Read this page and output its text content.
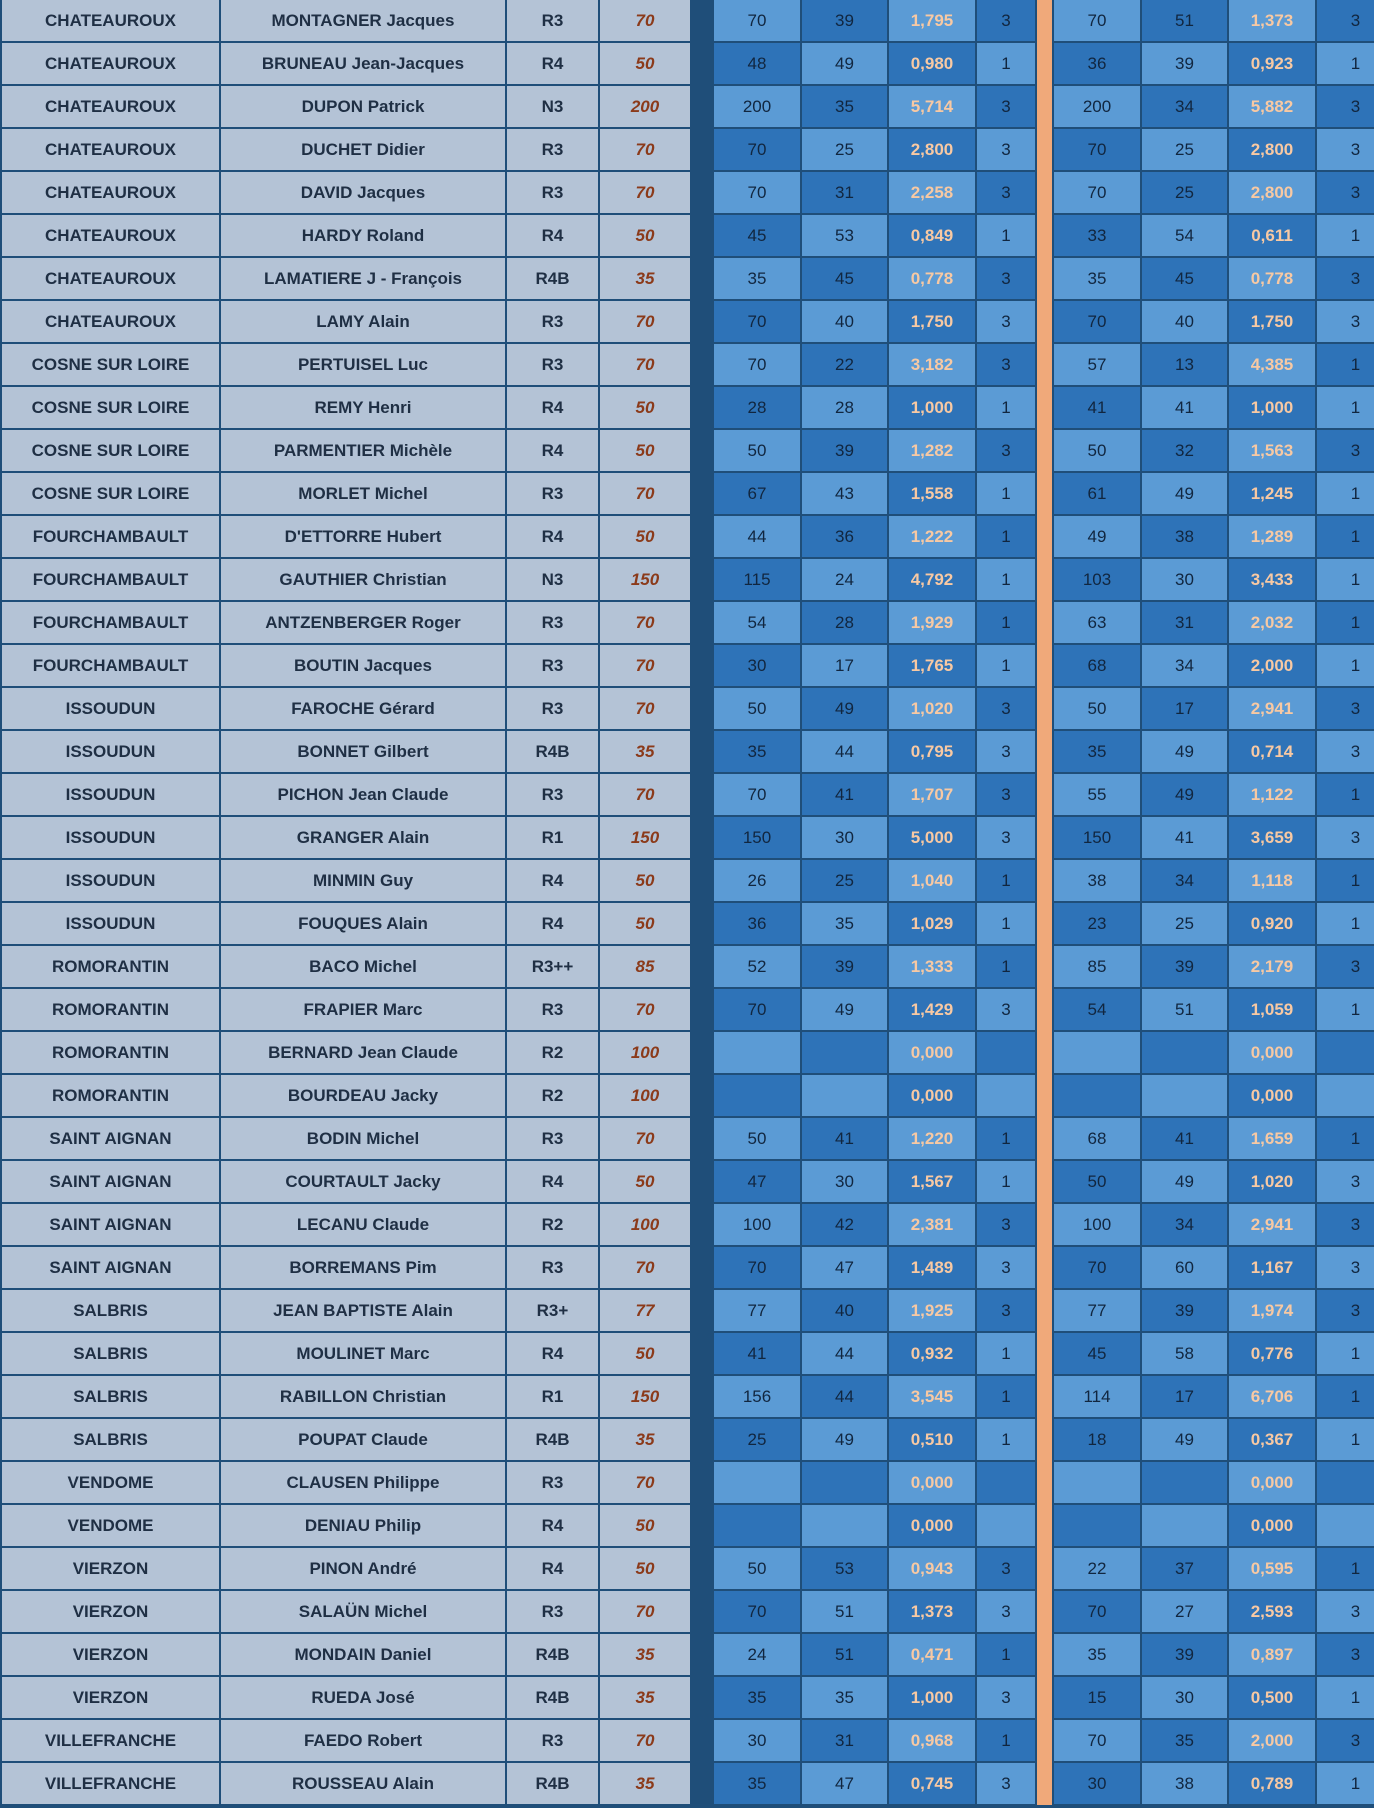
CHATEAUROUX	MONTAGNER Jacques	R3	70		70	39	1,795	3		70	51	1,373	3
CHATEAUROUX	BRUNEAU Jean-Jacques	R4	50		48	49	0,980	1		36	39	0,923	1
CHATEAUROUX	DUPON Patrick	N3	200		200	35	5,714	3		200	34	5,882	3
CHATEAUROUX	DUCHET Didier	R3	70		70	25	2,800	3		70	25	2,800	3
CHATEAUROUX	DAVID Jacques	R3	70		70	31	2,258	3		70	25	2,800	3
CHATEAUROUX	HARDY Roland	R4	50		45	53	0,849	1		33	54	0,611	1
CHATEAUROUX	LAMATIERE J - François	R4B	35		35	45	0,778	3		35	45	0,778	3
CHATEAUROUX	LAMY Alain	R3	70		70	40	1,750	3		70	40	1,750	3
COSNE SUR LOIRE	PERTUISEL Luc	R3	70		70	22	3,182	3		57	13	4,385	1
COSNE SUR LOIRE	REMY Henri	R4	50		28	28	1,000	1		41	41	1,000	1
COSNE SUR LOIRE	PARMENTIER Michèle	R4	50		50	39	1,282	3		50	32	1,563	3
COSNE SUR LOIRE	MORLET Michel	R3	70		67	43	1,558	1		61	49	1,245	1
FOURCHAMBAULT	D'ETTORRE Hubert	R4	50		44	36	1,222	1		49	38	1,289	1
FOURCHAMBAULT	GAUTHIER Christian	N3	150		115	24	4,792	1		103	30	3,433	1
FOURCHAMBAULT	ANTZENBERGER Roger	R3	70		54	28	1,929	1		63	31	2,032	1
FOURCHAMBAULT	BOUTIN Jacques	R3	70		30	17	1,765	1		68	34	2,000	1
ISSOUDUN	FAROCHE Gérard	R3	70		50	49	1,020	3		50	17	2,941	3
ISSOUDUN	BONNET Gilbert	R4B	35		35	44	0,795	3		35	49	0,714	3
ISSOUDUN	PICHON Jean Claude	R3	70		70	41	1,707	3		55	49	1,122	1
ISSOUDUN	GRANGER Alain	R1	150		150	30	5,000	3		150	41	3,659	3
ISSOUDUN	MINMIN Guy	R4	50		26	25	1,040	1		38	34	1,118	1
ISSOUDUN	FOUQUES Alain	R4	50		36	35	1,029	1		23	25	0,920	1
ROMORANTIN	BACO Michel	R3++	85		52	39	1,333	1		85	39	2,179	3
ROMORANTIN	FRAPIER Marc	R3	70		70	49	1,429	3		54	51	1,059	1
ROMORANTIN	BERNARD Jean Claude	R2	100				0,000					0,000	
ROMORANTIN	BOURDEAU Jacky	R2	100				0,000					0,000	
SAINT AIGNAN	BODIN Michel	R3	70		50	41	1,220	1		68	41	1,659	1
SAINT AIGNAN	COURTAULT Jacky	R4	50		47	30	1,567	1		50	49	1,020	3
SAINT AIGNAN	LECANU Claude	R2	100		100	42	2,381	3		100	34	2,941	3
SAINT AIGNAN	BORREMANS Pim	R3	70		70	47	1,489	3		70	60	1,167	3
SALBRIS	JEAN BAPTISTE Alain	R3+	77		77	40	1,925	3		77	39	1,974	3
SALBRIS	MOULINET Marc	R4	50		41	44	0,932	1		45	58	0,776	1
SALBRIS	RABILLON Christian	R1	150		156	44	3,545	1		114	17	6,706	1
SALBRIS	POUPAT Claude	R4B	35		25	49	0,510	1		18	49	0,367	1
VENDOME	CLAUSEN Philippe	R3	70				0,000					0,000	
VENDOME	DENIAU Philip	R4	50				0,000					0,000	
VIERZON	PINON André	R4	50		50	53	0,943	3		22	37	0,595	1
VIERZON	SALAÜN Michel	R3	70		70	51	1,373	3		70	27	2,593	3
VIERZON	MONDAIN Daniel	R4B	35		24	51	0,471	1		35	39	0,897	3
VIERZON	RUEDA José	R4B	35		35	35	1,000	3		15	30	0,500	1
VILLEFRANCHE	FAEDO Robert	R3	70		30	31	0,968	1		70	35	2,000	3
VILLEFRANCHE	ROUSSEAU Alain	R4B	35		35	47	0,745	3		30	38	0,789	1
